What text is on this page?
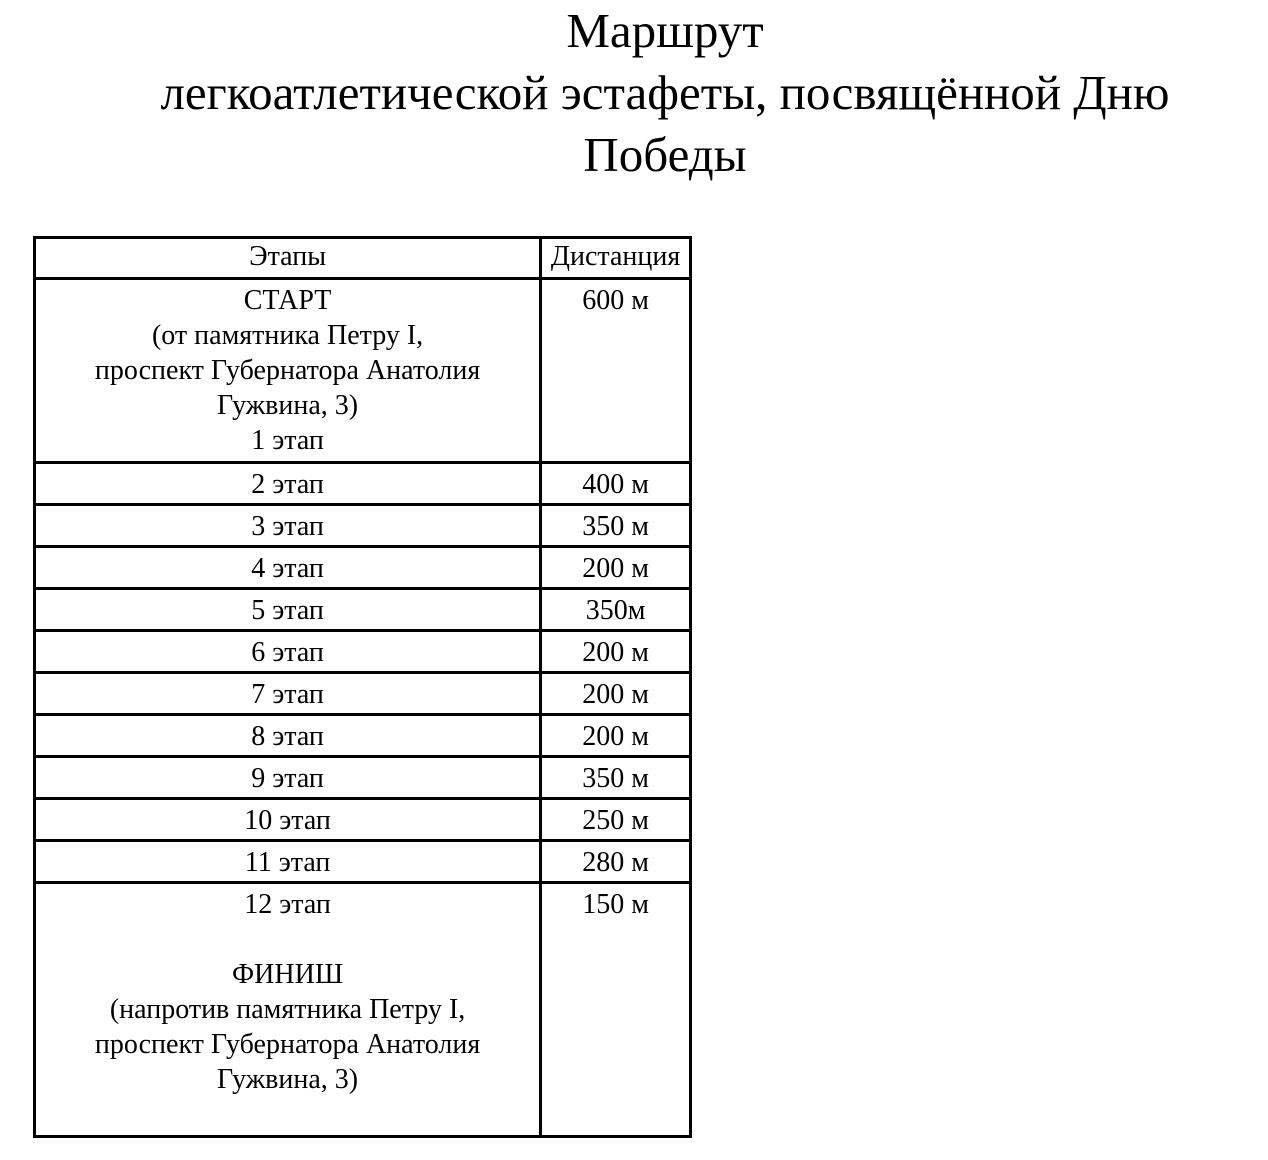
Маршрут
легкоатлетической эстафеты, посвящённой Дню
Победы
Этапы	Дистанция

СТАРТ
(от памятника Петру I,
проспект Губернатора Анатолия
Гужвина, 3)
1 этап	600 м
2 этап	400 м
3 этап	350 м
4 этап	200 м
5 этап	350м
6 этап	200 м
7 этап	200 м
8 этап	200 м
9 этап	350 м
10 этап	250 м
11 этап	280 м

12 этап
ФИНИШ
(напротив памятника Петру I,
проспект Губернатора Анатолия
Гужвина, 3)	150 м
